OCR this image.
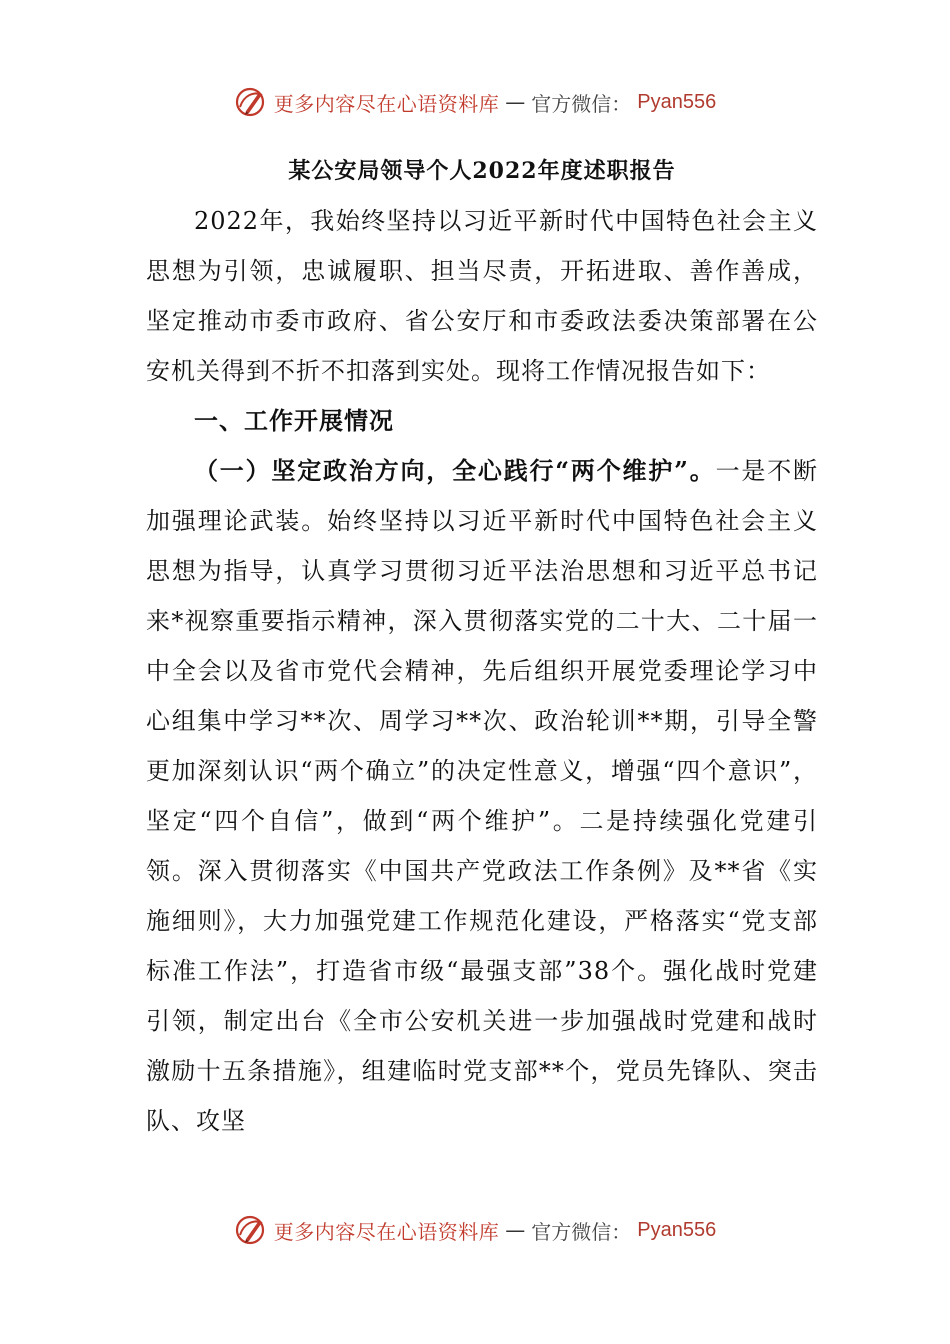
更多内容尽在心语资料库 — 官方微信： Pyan556
某公安局领导个人2022年度述职报告

2022年，我始终坚持以习近平新时代中国特色社会主义思想为引领，忠诚履职、担当尽责，开拓进取、善作善成，坚定推动市委市政府、省公安厅和市委政法委决策部署在公安机关得到不折不扣落到实处。现将工作情况报告如下：

一、工作开展情况

（一）坚定政治方向，全心践行“两个维护”。一是不断加强理论武装。始终坚持以习近平新时代中国特色社会主义思想为指导，认真学习贯彻习近平法治思想和习近平总书记来*视察重要指示精神，深入贯彻落实党的二十大、二十届一中全会以及省市党代会精神，先后组织开展党委理论学习中心组集中学习**次、周学习**次、政治轮训**期，引导全警更加深刻认识“两个确立”的决定性意义，增强“四个意识”，坚定“四个自信”，做到“两个维护”。二是持续强化党建引领。深入贯彻落实《中国共产党政法工作条例》及**省《实施细则》，大力加强党建工作规范化建设，严格落实“党支部标准工作法”，打造省市级“最强支部”38个。强化战时党建引领，制定出台《全市公安机关进一步加强战时党建和战时激励十五条措施》，组建临时党支部**个，党员先锋队、突击队、攻坚

更多内容尽在心语资料库 — 官方微信： Pyan556
